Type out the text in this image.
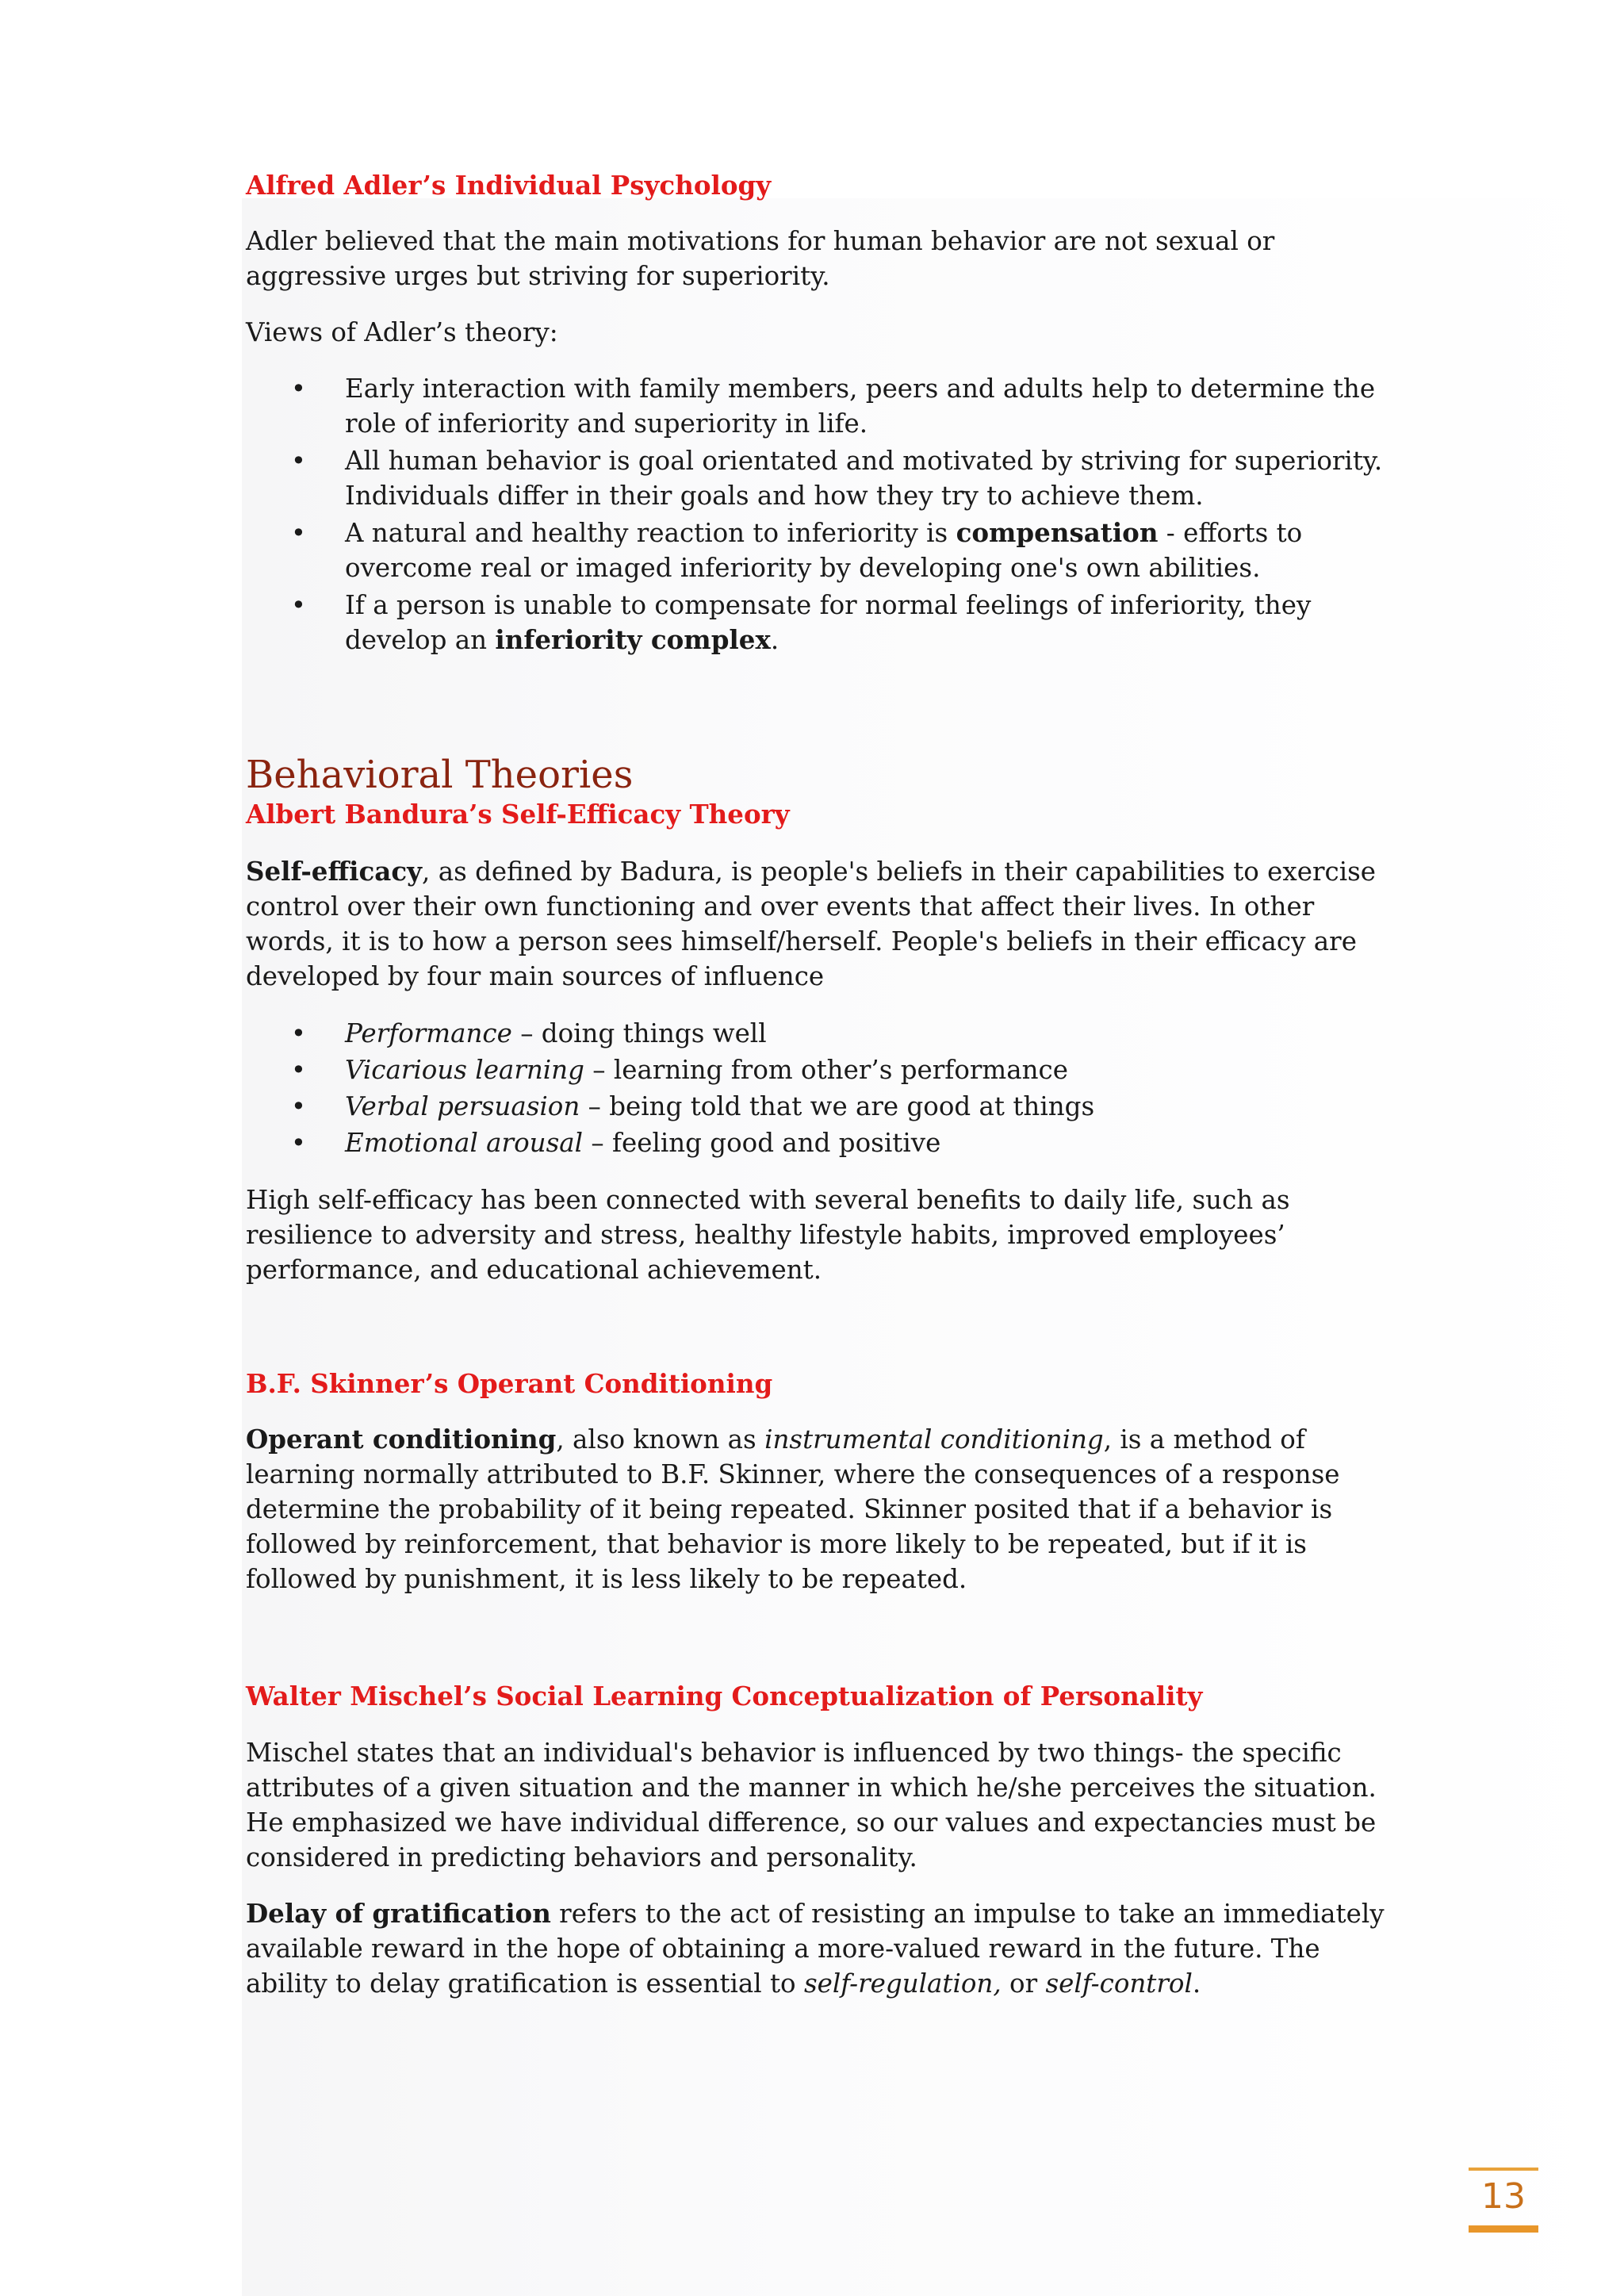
Alfred Adler’s Individual Psychology

Adler believed that the main motivations for human behavior are not sexual or aggressive urges but striving for superiority.

Views of Adler’s theory:

• Early interaction with family members, peers and adults help to determine the role of inferiority and superiority in life.
• All human behavior is goal orientated and motivated by striving for superiority. Individuals differ in their goals and how they try to achieve them.
• A natural and healthy reaction to inferiority is compensation - efforts to overcome real or imaged inferiority by developing one's own abilities.
• If a person is unable to compensate for normal feelings of inferiority, they develop an inferiority complex.
Behavioral Theories
Albert Bandura’s Self-Efficacy Theory

Self-efficacy, as defined by Badura, is people's beliefs in their capabilities to exercise control over their own functioning and over events that affect their lives. In other words, it is to how a person sees himself/herself. People's beliefs in their efficacy are developed by four main sources of influence

• Performance – doing things well
• Vicarious learning – learning from other’s performance
• Verbal persuasion – being told that we are good at things
• Emotional arousal – feeling good and positive

High self-efficacy has been connected with several benefits to daily life, such as resilience to adversity and stress, healthy lifestyle habits, improved employees’ performance, and educational achievement.

B.F. Skinner’s Operant Conditioning

Operant conditioning, also known as instrumental conditioning, is a method of learning normally attributed to B.F. Skinner, where the consequences of a response determine the probability of it being repeated. Skinner posited that if a behavior is followed by reinforcement, that behavior is more likely to be repeated, but if it is followed by punishment, it is less likely to be repeated.

Walter Mischel’s Social Learning Conceptualization of Personality

Mischel states that an individual's behavior is influenced by two things- the specific attributes of a given situation and the manner in which he/she perceives the situation. He emphasized we have individual difference, so our values and expectancies must be considered in predicting behaviors and personality.

Delay of gratification refers to the act of resisting an impulse to take an immediately available reward in the hope of obtaining a more-valued reward in the future. The ability to delay gratification is essential to self-regulation, or self-control.

13
